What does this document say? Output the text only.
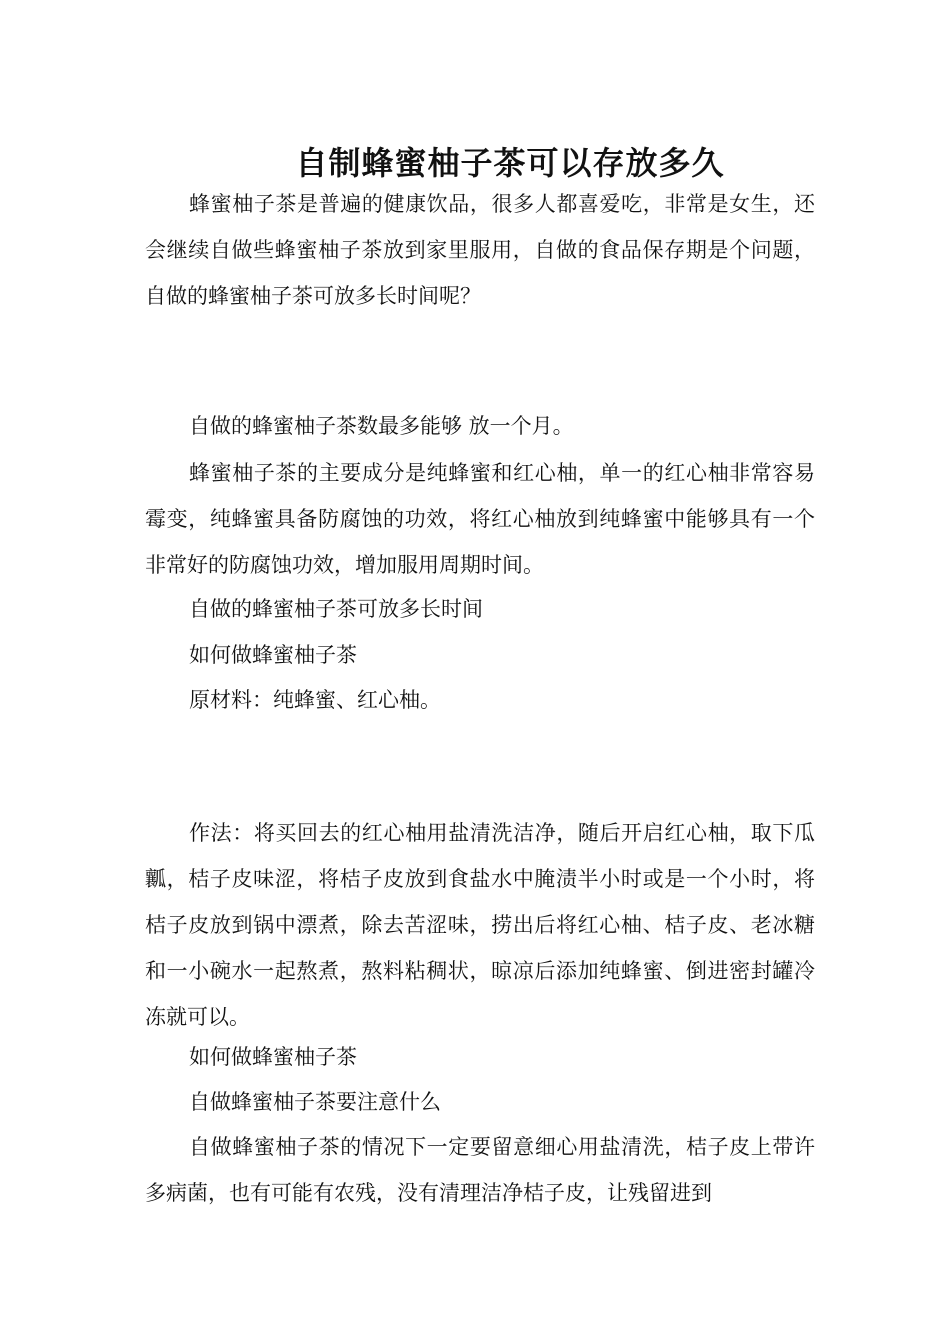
自制蜂蜜柚子茶可以存放多久

蜂蜜柚子茶是普遍的健康饮品，很多人都喜爱吃，非常是女生，还会继续自做些蜂蜜柚子茶放到家里服用，自做的食品保存期是个问题，自做的蜂蜜柚子茶可放多长时间呢？

自做的蜂蜜柚子茶数最多能够 放一个月。

蜂蜜柚子茶的主要成分是纯蜂蜜和红心柚，单一的红心柚非常容易霉变，纯蜂蜜具备防腐蚀的功效，将红心柚放到纯蜂蜜中能够具有一个非常好的防腐蚀功效，增加服用周期时间。

自做的蜂蜜柚子茶可放多长时间

如何做蜂蜜柚子茶

原材料：纯蜂蜜、红心柚。

作法：将买回去的红心柚用盐清洗洁净，随后开启红心柚，取下瓜瓤，桔子皮味涩，将桔子皮放到食盐水中腌渍半小时或是一个小时，将桔子皮放到锅中漂煮，除去苦涩味，捞出后将红心柚、桔子皮、老冰糖和一小碗水一起熬煮，熬料粘稠状，晾凉后添加纯蜂蜜、倒进密封罐冷冻就可以。

如何做蜂蜜柚子茶

自做蜂蜜柚子茶要注意什么

自做蜂蜜柚子茶的情况下一定要留意细心用盐清洗，桔子皮上带许多病菌，也有可能有农残，没有清理洁净桔子皮，让残留进到
